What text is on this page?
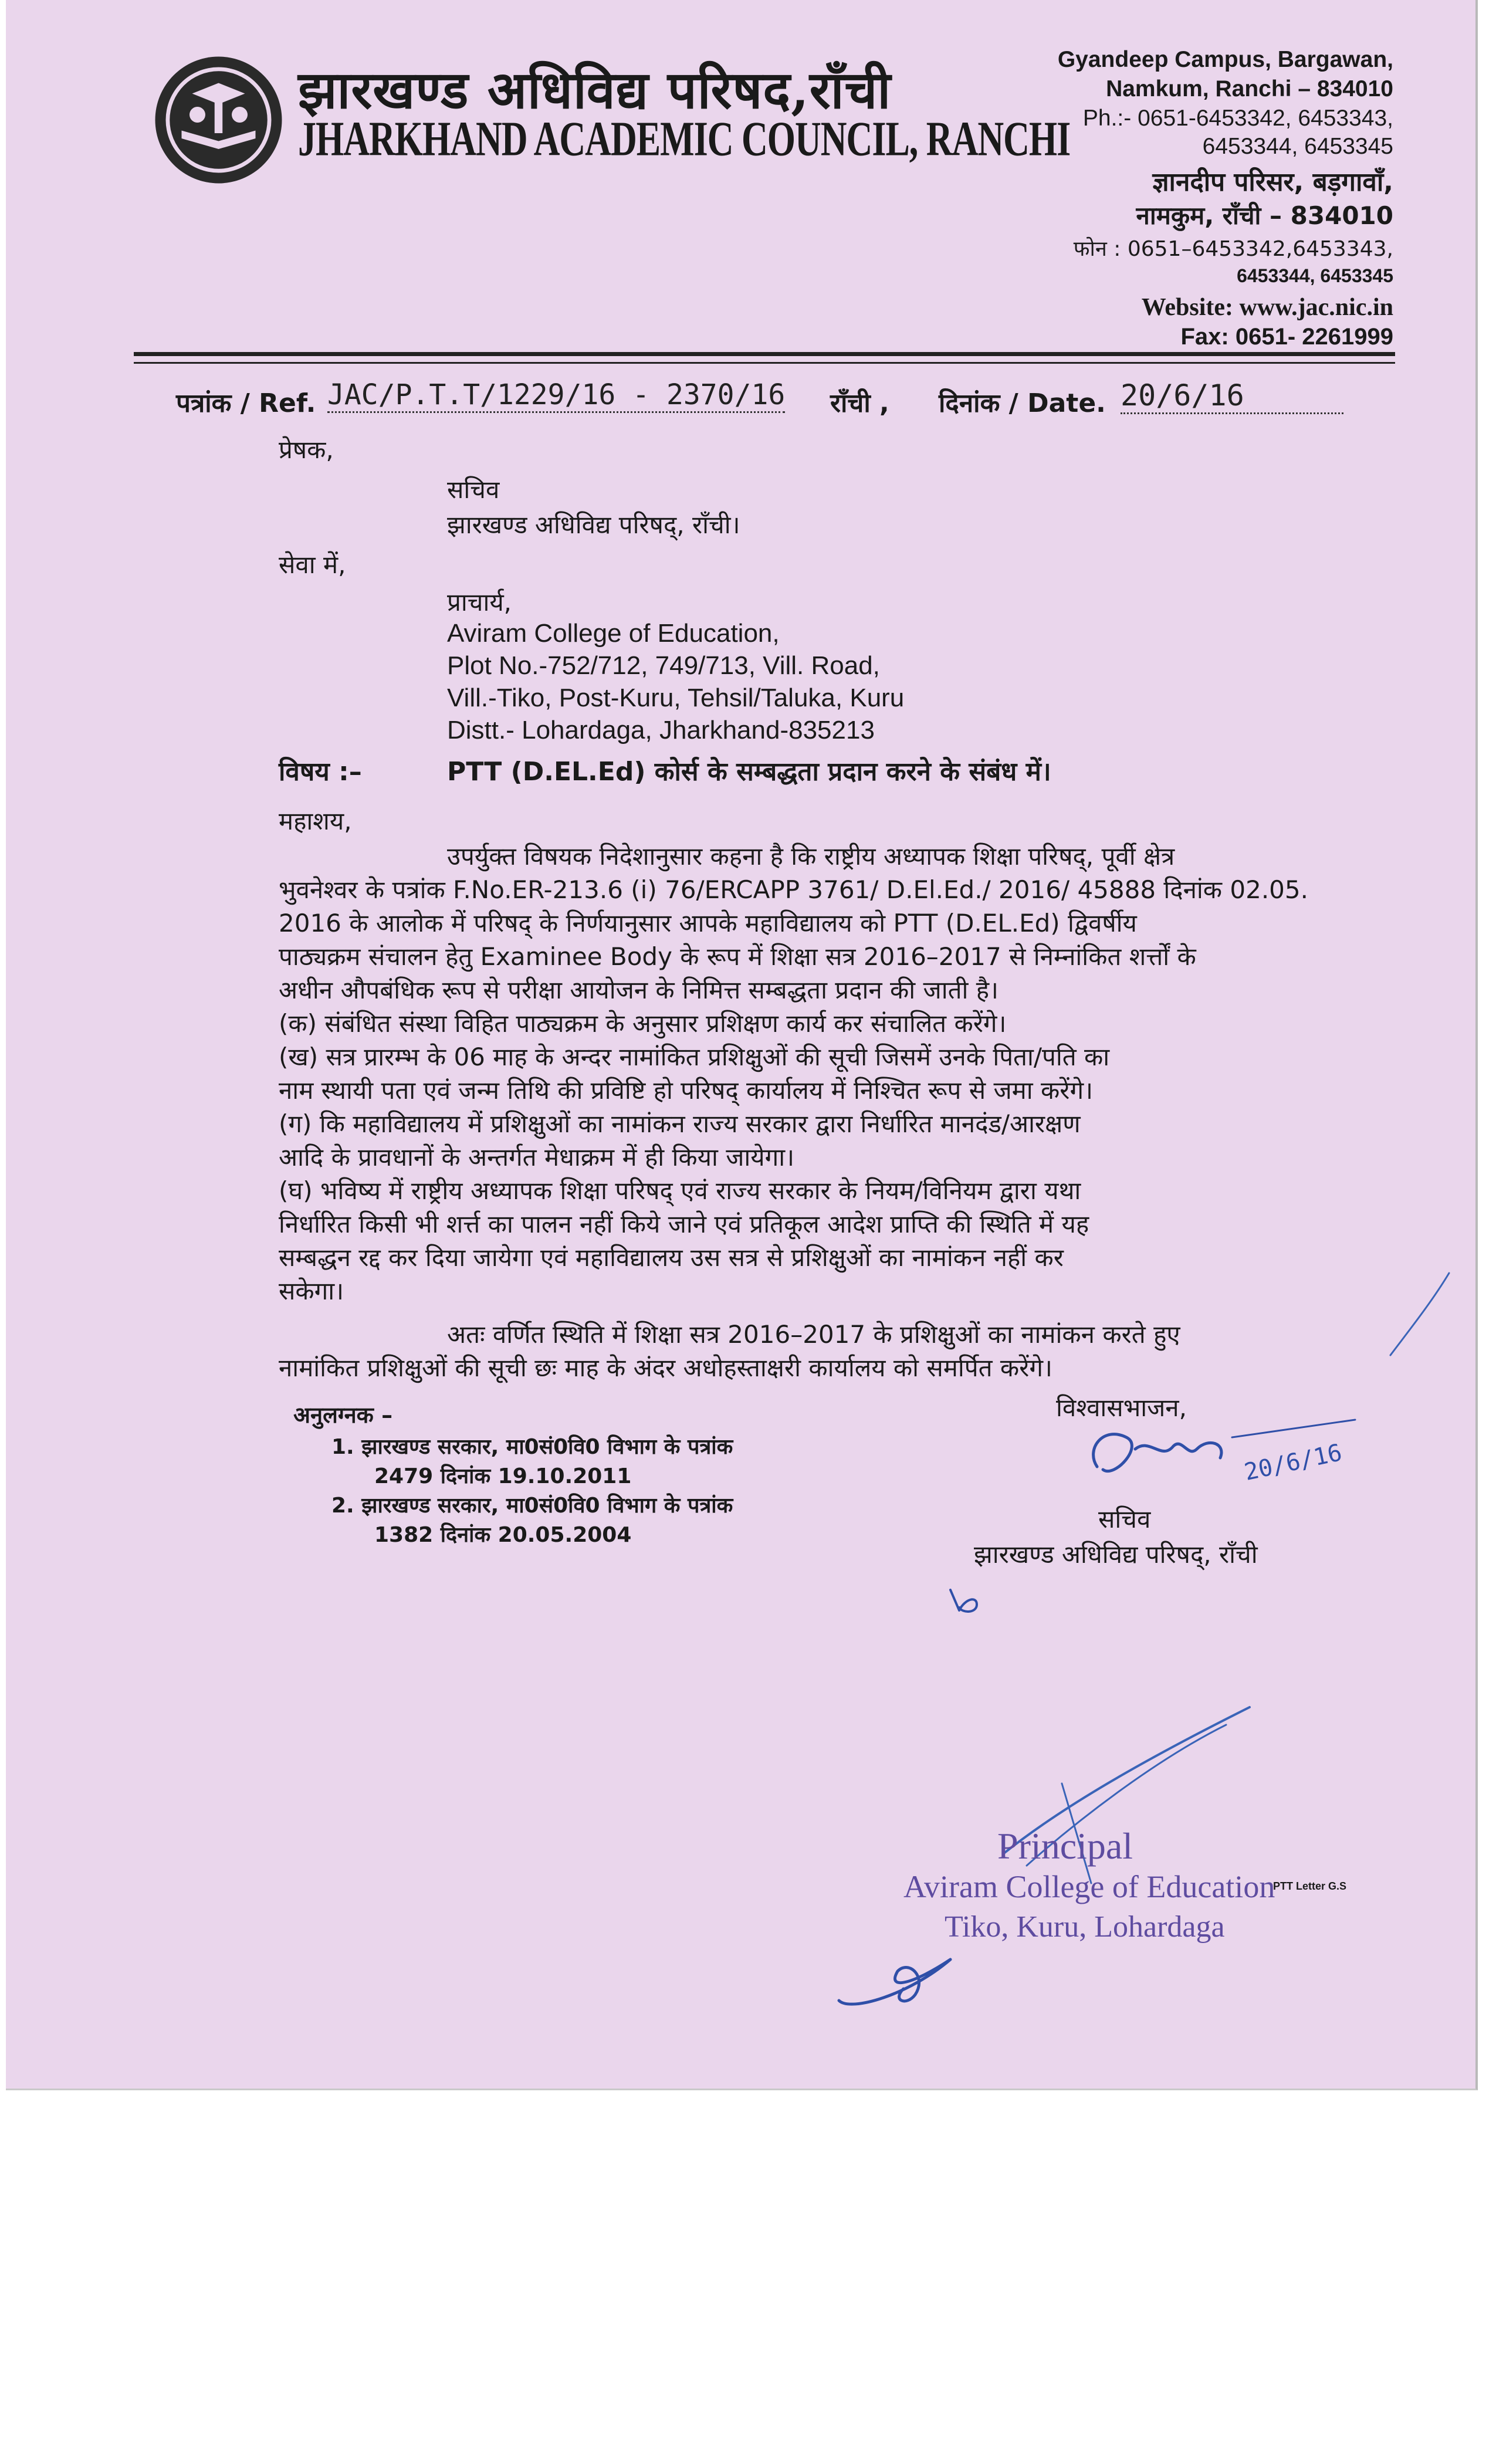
झारखण्ड अधिविद्य परिषद,राँची
JHARKHAND ACADEMIC COUNCIL, RANCHI
Gyandeep Campus, Bargawan,
Namkum, Ranchi – 834010
Ph.:- 0651-6453342, 6453343,
6453344, 6453345
ज्ञानदीप परिसर, बड़गावाँ,
नामकुम, राँची – 834010
फोन : 0651–6453342,6453343,
6453344, 6453345
Website: www.jac.nic.in
Fax: 0651- 2261999
पत्रांक / Ref. JAC/P.T.T/1229/16 - 2370/16 राँची , दिनांक / Date. 20/6/16
प्रेषक,
सचिव
झारखण्ड अधिविद्य परिषद्, राँची।
सेवा में,
प्राचार्य,
Aviram College of Education,
Plot No.-752/712, 749/713, Vill. Road,
Vill.-Tiko, Post-Kuru, Tehsil/Taluka, Kuru
Distt.- Lohardaga, Jharkhand-835213
विषय :–	PTT (D.EL.Ed) कोर्स के सम्बद्धता प्रदान करने के संबंध में।
महाशय,
उपर्युक्त विषयक निदेशानुसार कहना है कि राष्ट्रीय अध्यापक शिक्षा परिषद्, पूर्वी क्षेत्र
भुवनेश्वर के पत्रांक F.No.ER-213.6 (i) 76/ERCAPP 3761/ D.El.Ed./ 2016/ 45888 दिनांक 02.05.
2016 के आलोक में परिषद् के निर्णयानुसार आपके महाविद्यालय को PTT (D.EL.Ed) द्विवर्षीय
पाठ्यक्रम संचालन हेतु Examinee Body के रूप में शिक्षा सत्र 2016–2017 से निम्नांकित शर्त्तों के
अधीन औपबंधिक रूप से परीक्षा आयोजन के निमित्त सम्बद्धता प्रदान की जाती है।
(क) संबंधित संस्था विहित पाठ्यक्रम के अनुसार प्रशिक्षण कार्य कर संचालित करेंगे।
(ख) सत्र प्रारम्भ के 06 माह के अन्दर नामांकित प्रशिक्षुओं की सूची जिसमें उनके पिता/पति का
नाम स्थायी पता एवं जन्म तिथि की प्रविष्टि हो परिषद् कार्यालय में निश्चित रूप से जमा करेंगे।
(ग) कि महाविद्यालय में प्रशिक्षुओं का नामांकन राज्य सरकार द्वारा निर्धारित मानदंड/आरक्षण
आदि के प्रावधानों के अन्तर्गत मेधाक्रम में ही किया जायेगा।
(घ) भविष्य में राष्ट्रीय अध्यापक शिक्षा परिषद् एवं राज्य सरकार के नियम/विनियम द्वारा यथा
निर्धारित किसी भी शर्त्त का पालन नहीं किये जाने एवं प्रतिकूल आदेश प्राप्ति की स्थिति में यह
सम्बद्धन रद्द कर दिया जायेगा एवं महाविद्यालय उस सत्र से प्रशिक्षुओं का नामांकन नहीं कर
सकेगा।
अतः वर्णित स्थिति में शिक्षा सत्र 2016–2017 के प्रशिक्षुओं का नामांकन करते हुए
नामांकित प्रशिक्षुओं की सूची छः माह के अंदर अधोहस्ताक्षरी कार्यालय को समर्पित करेंगे।
अनुलग्नक –
1. झारखण्ड सरकार, मा0सं0वि0 विभाग के पत्रांक
2479 दिनांक 19.10.2011
2. झारखण्ड सरकार, मा0सं0वि0 विभाग के पत्रांक
1382 दिनांक 20.05.2004
विश्वासभाजन,
20/6/16
सचिव
झारखण्ड अधिविद्य परिषद्, राँची
Principal
Aviram College of Education
Tiko, Kuru, Lohardaga
PTT Letter G.S
